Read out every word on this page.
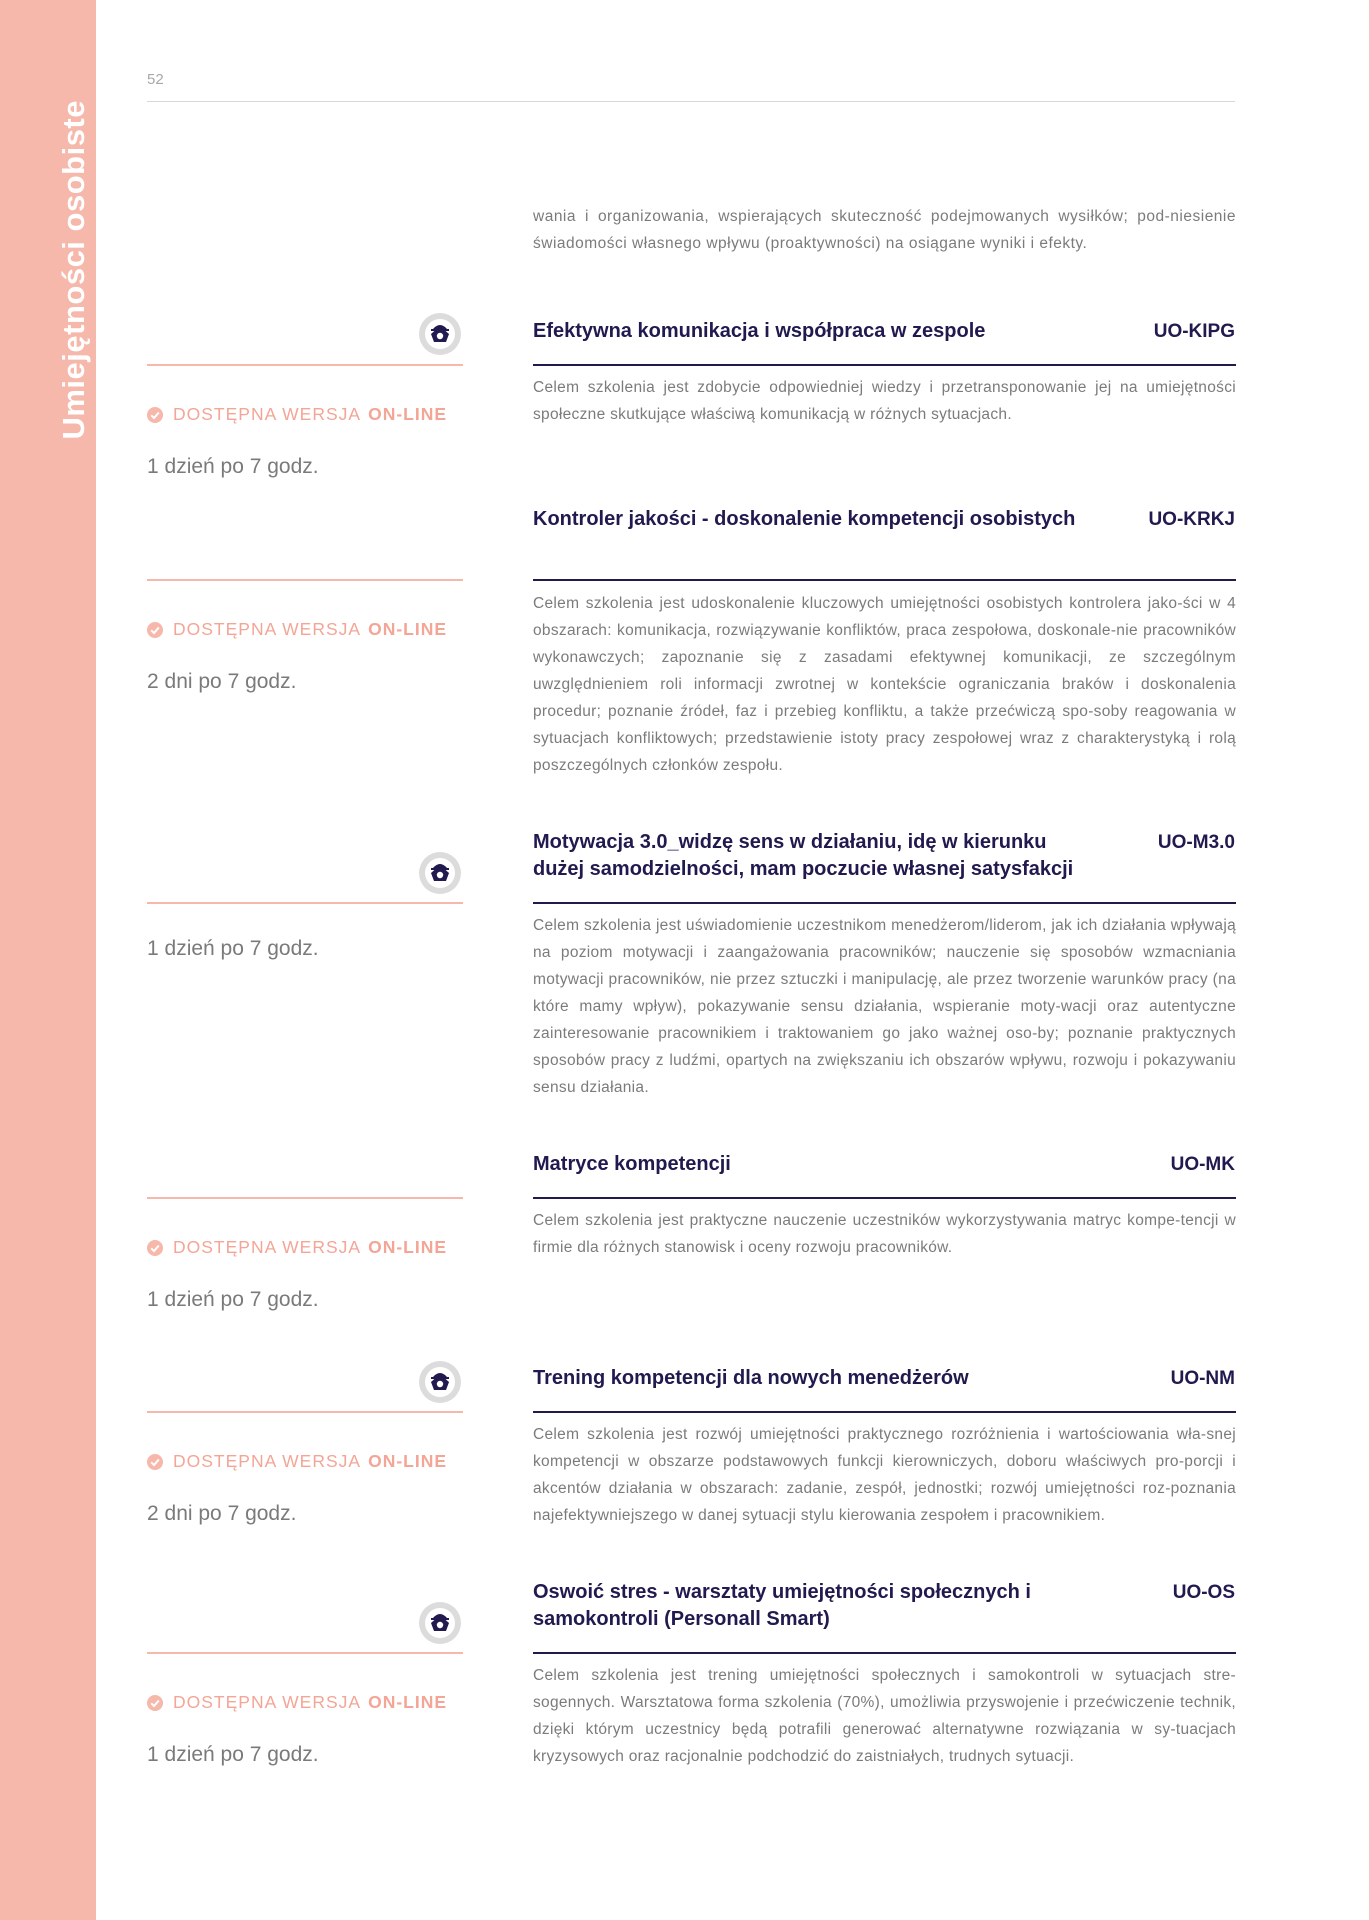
Umiejętności osobiste
52
wania i organizowania, wspierających skuteczność podejmowanych wysiłków; pod-niesienie świadomości własnego wpływu (proaktywności) na osiągane wyniki i efekty.
Efektywna komunikacja i współpraca w zespole	UO-KIPG
Celem szkolenia jest zdobycie odpowiedniej wiedzy i przetransponowanie jej na umiejętności społeczne skutkujące właściwą komunikacją w różnych sytuacjach.
DOSTĘPNA WERSJA ON-LINE
1 dzień po 7 godz.
Kontroler jakości - doskonalenie kompetencji osobistych	UO-KRKJ
Celem szkolenia jest udoskonalenie kluczowych umiejętności osobistych kontrolera jako-ści w 4 obszarach: komunikacja, rozwiązywanie konfliktów, praca zespołowa, doskonale-nie pracowników wykonawczych; zapoznanie się z zasadami efektywnej komunikacji, ze szczególnym uwzględnieniem roli informacji zwrotnej w kontekście ograniczania braków i doskonalenia procedur; poznanie źródeł, faz i przebieg konfliktu, a także przećwiczą spo-soby reagowania w sytuacjach konfliktowych; przedstawienie istoty pracy zespołowej wraz z charakterystyką i rolą poszczególnych członków zespołu.
DOSTĘPNA WERSJA ON-LINE
2 dni po 7 godz.
Motywacja 3.0_widzę sens w działaniu, idę w kierunku dużej samodzielności, mam poczucie własnej satysfakcji
UO-M3.0
Celem szkolenia jest uświadomienie uczestnikom menedżerom/liderom, jak ich działania wpływają na poziom motywacji i zaangażowania pracowników; nauczenie się sposobów wzmacniania motywacji pracowników, nie przez sztuczki i manipulację, ale przez tworzenie warunków pracy (na które mamy wpływ), pokazywanie sensu działania, wspieranie moty-wacji oraz autentyczne zainteresowanie pracownikiem i traktowaniem go jako ważnej oso-by; poznanie praktycznych sposobów pracy z ludźmi, opartych na zwiększaniu ich obszarów wpływu, rozwoju i pokazywaniu sensu działania.
1 dzień po 7 godz.
Matryce kompetencji	UO-MK
Celem szkolenia jest praktyczne nauczenie uczestników wykorzystywania matryc kompe-tencji w firmie dla różnych stanowisk i oceny rozwoju pracowników.
DOSTĘPNA WERSJA ON-LINE
1 dzień po 7 godz.
Trening kompetencji dla nowych menedżerów	UO-NM
Celem szkolenia jest rozwój umiejętności praktycznego rozróżnienia i wartościowania wła-snej kompetencji w obszarze podstawowych funkcji kierowniczych, doboru właściwych pro-porcji i akcentów działania w obszarach: zadanie, zespół, jednostki; rozwój umiejętności roz-poznania najefektywniejszego w danej sytuacji stylu kierowania zespołem i pracownikiem.
DOSTĘPNA WERSJA ON-LINE
2 dni po 7 godz.
Oswoić stres - warsztaty umiejętności społecznych i samokontroli (Personall Smart)
UO-OS
Celem szkolenia jest trening umiejętności społecznych i samokontroli w sytuacjach stre-sogennych. Warsztatowa forma szkolenia (70%), umożliwia przyswojenie i przećwiczenie technik, dzięki którym uczestnicy będą potrafili generować alternatywne rozwiązania w sy-tuacjach kryzysowych oraz racjonalnie podchodzić do zaistniałych, trudnych sytuacji.
DOSTĘPNA WERSJA ON-LINE
1 dzień po 7 godz.
